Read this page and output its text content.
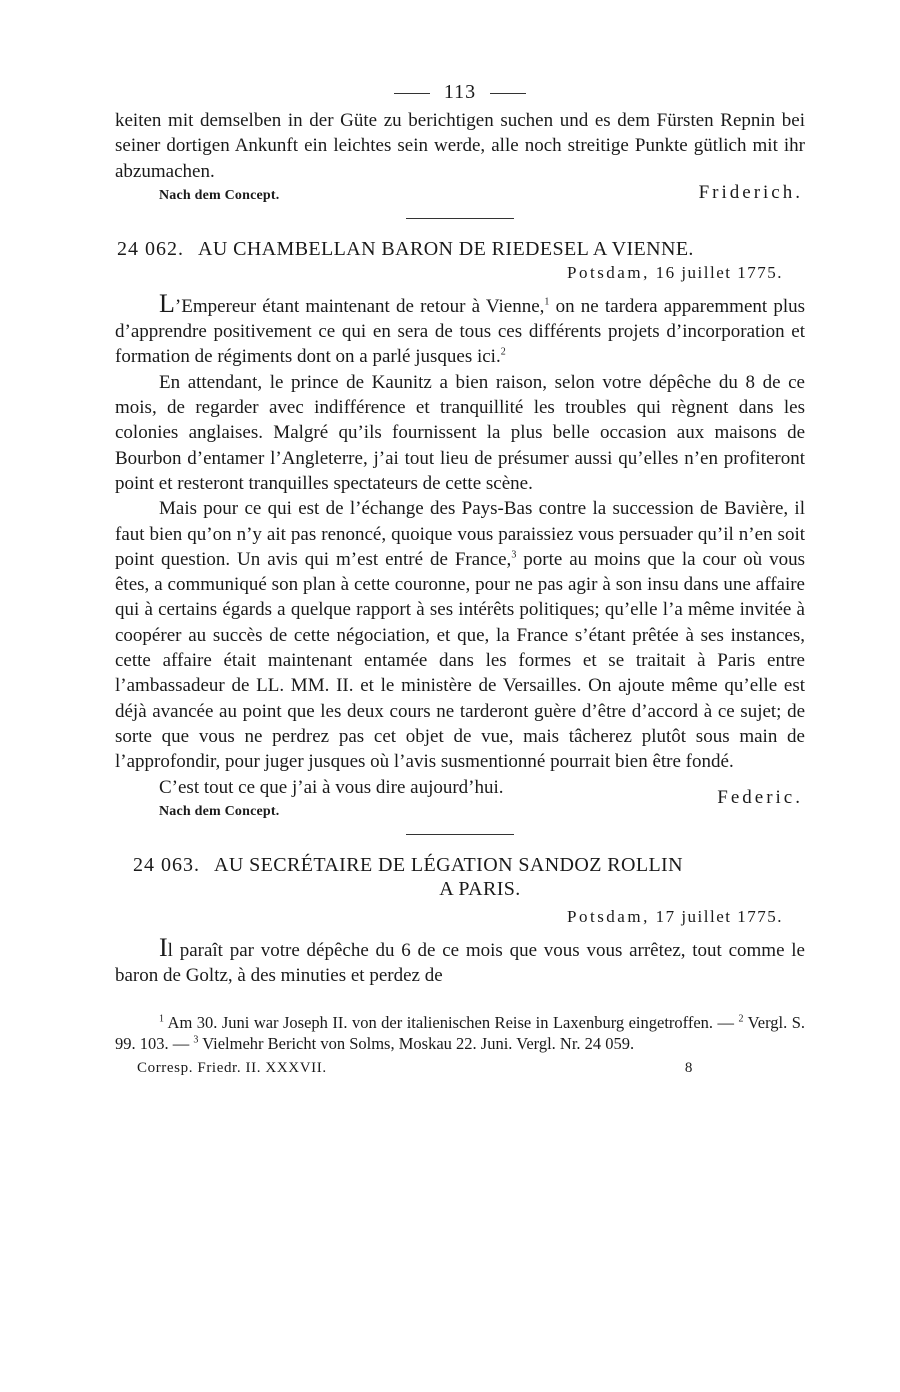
113

keiten mit demselben in der Güte zu berichtigen suchen und es dem Fürsten Repnin bei seiner dortigen Ankunft ein leichtes sein werde, alle noch streitige Punkte gütlich mit ihr abzumachen.

Nach dem Concept.	Friderich.
24 062. AU CHAMBELLAN BARON DE RIEDESEL A VIENNE.
Potsdam, 16 juillet 1775.

L’Empereur étant maintenant de retour à Vienne,$^1$ on ne tardera apparemment plus d’apprendre positivement ce qui en sera de tous ces différents projets d’incorporation et formation de régiments dont on a parlé jusques ici.$^2$

En attendant, le prince de Kaunitz a bien raison, selon votre dépêche du 8 de ce mois, de regarder avec indifférence et tranquillité les troubles qui règnent dans les colonies anglaises. Malgré qu’ils fournissent la plus belle occasion aux maisons de Bourbon d’entamer l’Angleterre, j’ai tout lieu de présumer aussi qu’elles n’en profiteront point et resteront tranquilles spectateurs de cette scène.

Mais pour ce qui est de l’échange des Pays-Bas contre la succession de Bavière, il faut bien qu’on n’y ait pas renoncé, quoique vous paraissiez vous persuader qu’il n’en soit point question. Un avis qui m’est entré de France,$^3$ porte au moins que la cour où vous êtes, a communiqué son plan à cette couronne, pour ne pas agir à son insu dans une affaire qui à certains égards a quelque rapport à ses intérêts politiques; qu’elle l’a même invitée à coopérer au succès de cette négociation, et que, la France s’étant prêtée à ses instances, cette affaire était maintenant entamée dans les formes et se traitait à Paris entre l’ambassadeur de LL. MM. II. et le ministère de Versailles. On ajoute même qu’elle est déjà avancée au point que les deux cours ne tarderont guère d’être d’accord à ce sujet; de sorte que vous ne perdrez pas cet objet de vue, mais tâcherez plutôt sous main de l’approfondir, pour juger jusques où l’avis susmentionné pourrait bien être fondé.

C’est tout ce que j’ai à vous dire aujourd’hui.

Nach dem Concept.
Federic.
24 063. AU SECRÉTAIRE DE LÉGATION SANDOZ ROLLIN
A PARIS.
Potsdam, 17 juillet 1775.

Il paraît par votre dépêche du 6 de ce mois que vous vous arrêtez, tout comme le baron de Goltz, à des minuties et perdez de

$^1$ Am 30. Juni war Joseph II. von der italienischen Reise in Laxenburg eingetroffen. — $^2$ Vergl. S. 99. 103. — $^3$ Vielmehr Bericht von Solms, Moskau 22. Juni. Vergl. Nr. 24 059.
Corresp. Friedr. II. XXXVII.	8
